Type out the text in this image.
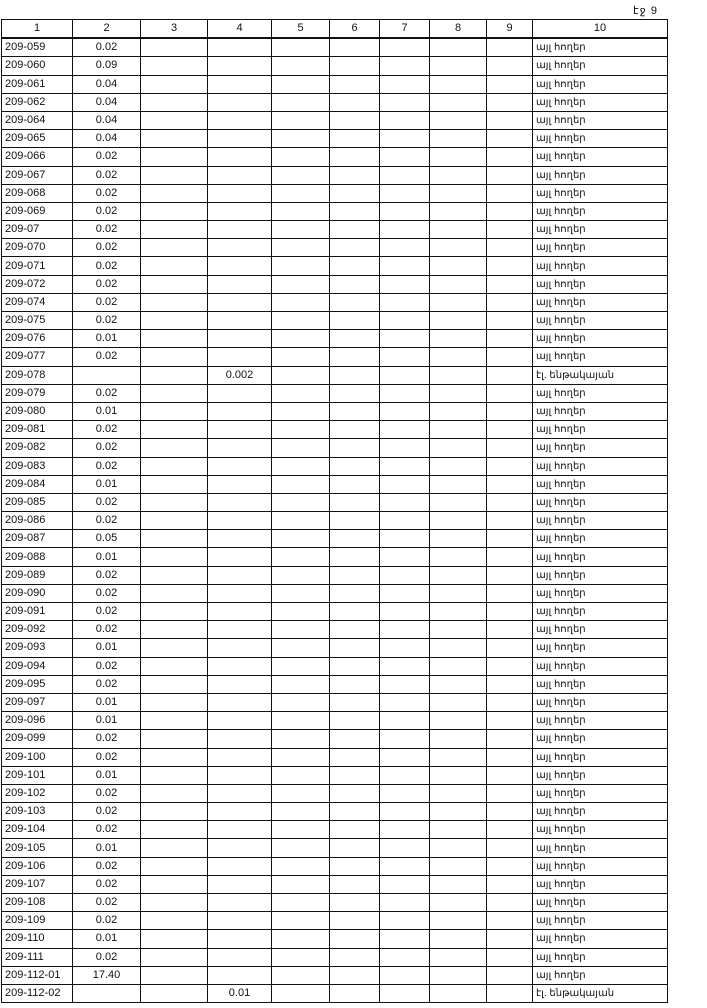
էջ 9
1	2	3	4	5	6	7	8	9	10
209-059	0.02								այլ հողեր
209-060	0.09								այլ հողեր
209-061	0.04								այլ հողեր
209-062	0.04								այլ հողեր
209-064	0.04								այլ հողեր
209-065	0.04								այլ հողեր
209-066	0.02								այլ հողեր
209-067	0.02								այլ հողեր
209-068	0.02								այլ հողեր
209-069	0.02								այլ հողեր
209-07	0.02								այլ հողեր
209-070	0.02								այլ հողեր
209-071	0.02								այլ հողեր
209-072	0.02								այլ հողեր
209-074	0.02								այլ հողեր
209-075	0.02								այլ հողեր
209-076	0.01								այլ հողեր
209-077	0.02								այլ հողեր
209-078			0.002						էլ. ենթակայան
209-079	0.02								այլ հողեր
209-080	0.01								այլ հողեր
209-081	0.02								այլ հողեր
209-082	0.02								այլ հողեր
209-083	0.02								այլ հողեր
209-084	0.01								այլ հողեր
209-085	0.02								այլ հողեր
209-086	0.02								այլ հողեր
209-087	0.05								այլ հողեր
209-088	0.01								այլ հողեր
209-089	0.02								այլ հողեր
209-090	0.02								այլ հողեր
209-091	0.02								այլ հողեր
209-092	0.02								այլ հողեր
209-093	0.01								այլ հողեր
209-094	0.02								այլ հողեր
209-095	0.02								այլ հողեր
209-097	0.01								այլ հողեր
209-096	0.01								այլ հողեր
209-099	0.02								այլ հողեր
209-100	0.02								այլ հողեր
209-101	0.01								այլ հողեր
209-102	0.02								այլ հողեր
209-103	0.02								այլ հողեր
209-104	0.02								այլ հողեր
209-105	0.01								այլ հողեր
209-106	0.02								այլ հողեր
209-107	0.02								այլ հողեր
209-108	0.02								այլ հողեր
209-109	0.02								այլ հողեր
209-110	0.01								այլ հողեր
209-111	0.02								այլ հողեր
209-112-01	17.40								այլ հողեր
209-112-02			0.01						էլ. ենթակայան
